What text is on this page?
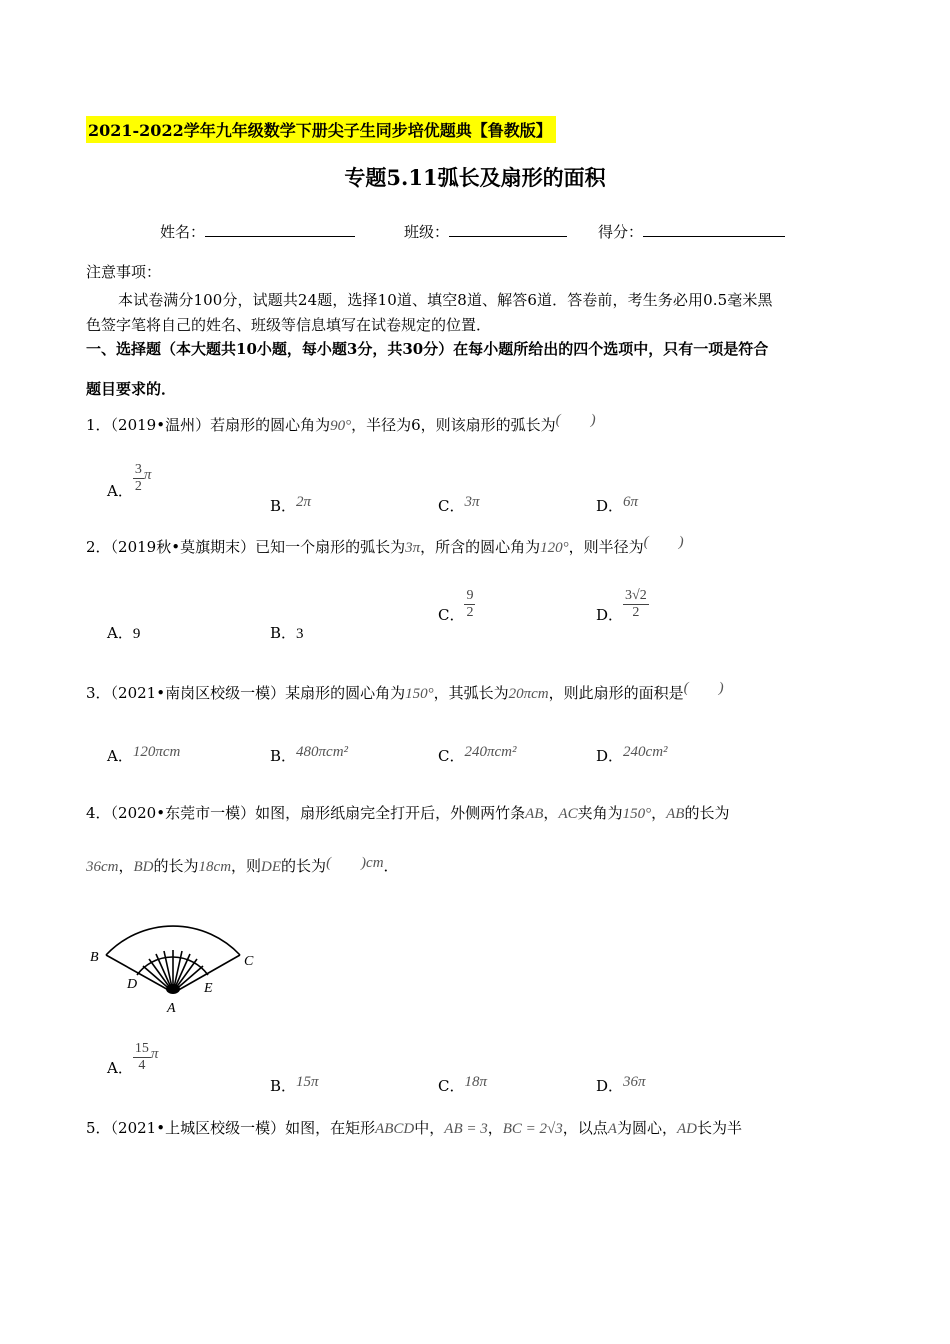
2021-2022学年九年级数学下册尖子生同步培优题典【鲁教版】
专题5.11弧长及扇形的面积
姓名：	班级：	得分：
注意事项：
本试卷满分100分，试题共24题，选择10道、填空8道、解答6道．答卷前，考生务必用0.5毫米黑
色签字笔将自己的姓名、班级等信息填写在试卷规定的位置．
一、选择题（本大题共10小题，每小题3分，共30分）在每小题所给出的四个选项中，只有一项是符合
题目要求的．
1．（2019•温州）若扇形的圆心角为90°，半径为6，则该扇形的弧长为(　　)
A． $\frac{3}{2}$ π
B．2π	C．3π	D．6π
2．（2019秋•莫旗期末）已知一个扇形的弧长为3π，所含的圆心角为120°，则半径为(　　)
A．9	B．3
C． $\frac{9}{2}$	D． $\frac{3√2}{2}$
3．（2021•南岗区校级一模）某扇形的圆心角为150°，其弧长为20πcm，则此扇形的面积是(　　)
A．120πcm	B．480πcm²	C．240πcm²	D．240cm²
4．（2020•东莞市一模）如图，扇形纸扇完全打开后，外侧两竹条AB，AC夹角为150°，AB的长为
36cm，BD的长为18cm，则DE的长为(　　)cm．
B	C
D	E
A
A． $\frac{15}{4}$ π
B．15π	C．18π	D．36π
5．（2021•上城区校级一模）如图，在矩形ABCD中，AB = 3，BC = 2√3，以点A为圆心，AD长为半
